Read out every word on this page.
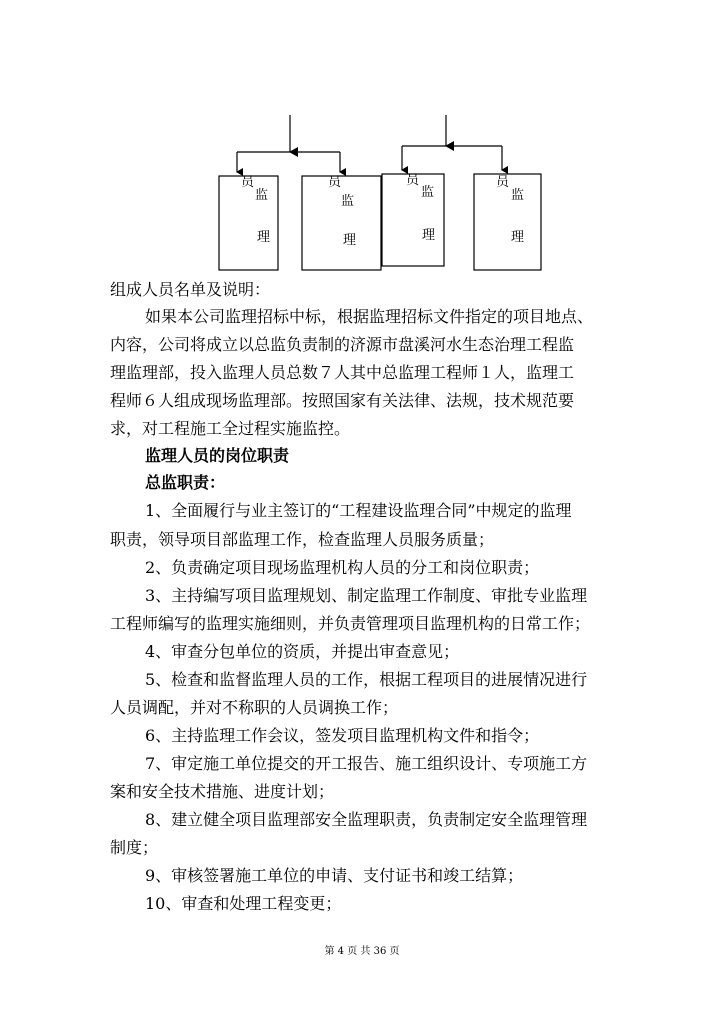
员
监
理
员
监
理
员
监
理
员
监
理
组成人员名单及说明：
如果本公司监理招标中标，根据监理招标文件指定的项目地点、
内容，公司将成立以总监负责制的济源市盘溪河水生态治理工程监
理监理部，投入监理人员总数７人其中总监理工程师１人，监理工
程师６人组成现场监理部。按照国家有关法律、法规，技术规范要
求，对工程施工全过程实施监控。
监理人员的岗位职责
总监职责：
1、全面履行与业主签订的“工程建设监理合同”中规定的监理
职责，领导项目部监理工作，检查监理人员服务质量；
2、负责确定项目现场监理机构人员的分工和岗位职责；
3、主持编写项目监理规划、制定监理工作制度、审批专业监理
工程师编写的监理实施细则，并负责管理项目监理机构的日常工作；
4、审查分包单位的资质，并提出审查意见；
5、检查和监督监理人员的工作，根据工程项目的进展情况进行
人员调配，并对不称职的人员调换工作；
6、主持监理工作会议，签发项目监理机构文件和指令；
7、审定施工单位提交的开工报告、施工组织设计、专项施工方
案和安全技术措施、进度计划；
8、建立健全项目监理部安全监理职责，负责制定安全监理管理
制度；
9、审核签署施工单位的申请、支付证书和竣工结算；
10、审查和处理工程变更；
第 4 页 共 36 页
